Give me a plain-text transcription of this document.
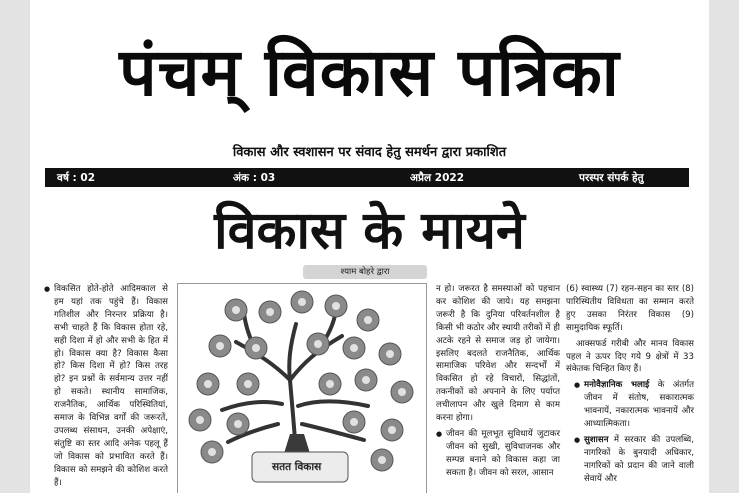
पंचम् विकास पत्रिका
विकास और स्वशासन पर संवाद हेतु समर्थन द्वारा प्रकाशित
वर्ष : 02	अंक : 03	अप्रैल 2022	परस्पर संपर्क हेतु
विकास के मायने
श्याम बोहरे द्वारा

● विकसित होते-होते आदिमकाल से हम यहां तक पहुंचे हैं। विकास गतिशील और निरन्तर प्रक्रिया है। सभी चाहते हैं कि विकास होता रहे, सही दिशा में हो और सभी के हित में हो। विकास क्या है? विकास कैसा हो? किस दिशा में हो? किस तरह हो? इन प्रश्नों के सर्वमान्य उत्तर नहीं हो सकते। स्थानीय सामाजिक, राजनैतिक, आर्थिक परिस्थितियां, समाज के विभिन्न वर्गों की जरूरतें, उपलब्ध संसाधन, उनकी अपेक्षाएं, संतुष्टि का स्तर आदि अनेक पहलू हैं जो विकास को प्रभावित करते हैं। विकास को समझने की कोशिश करते हैं।

सतत विकास

न हो। जरूरत है समस्याओं को पहचान कर कोशिश की जाये। यह समझना जरूरी है कि दुनिया परिवर्तनशील है किसी भी कठोर और स्थायी तरीकों में ही अटके रहने से समाज जड़ हो जायेगा। इसलिए बदलते राजनैतिक, आर्थिक सामाजिक परिवेश और सन्दर्भों में विकसित हो रहे विचारों, सिद्धांतों, तकनीकों को अपनाने के लिए पर्याप्त लचीलापन और खुले दिमाग से काम करना होगा।

● जीवन की मूलभूत सुविधायें जुटाकर जीवन को सुखी, सुविधाजनक और सम्पन्न बनाने को विकास कहा जा सकता है। जीवन को सरल, आसान

(6) स्वास्थ्य (7) रहन-सहन का स्तर (8) पारिस्थितीय विविधता का सम्मान करते हुए उसका निरंतर विकास (9) सामुदायिक स्फूर्ति।

आक्सफर्ड गरीबी और मानव विकास पहल ने ऊपर दिए गये 9 क्षेत्रों में 33 संकेतक चिन्हित किए हैं।

● मनोवैज्ञानिक भलाई के अंतर्गत जीवन में संतोष, सकारात्मक भावनायें, नकारात्मक भावनायें और आध्यात्मिकता।

● सुशासन में सरकार की उपलब्धि, नागरिकों के बुनयादी अधिकार, नागरिकों को प्रदान की जाने वाली सेवायें और
